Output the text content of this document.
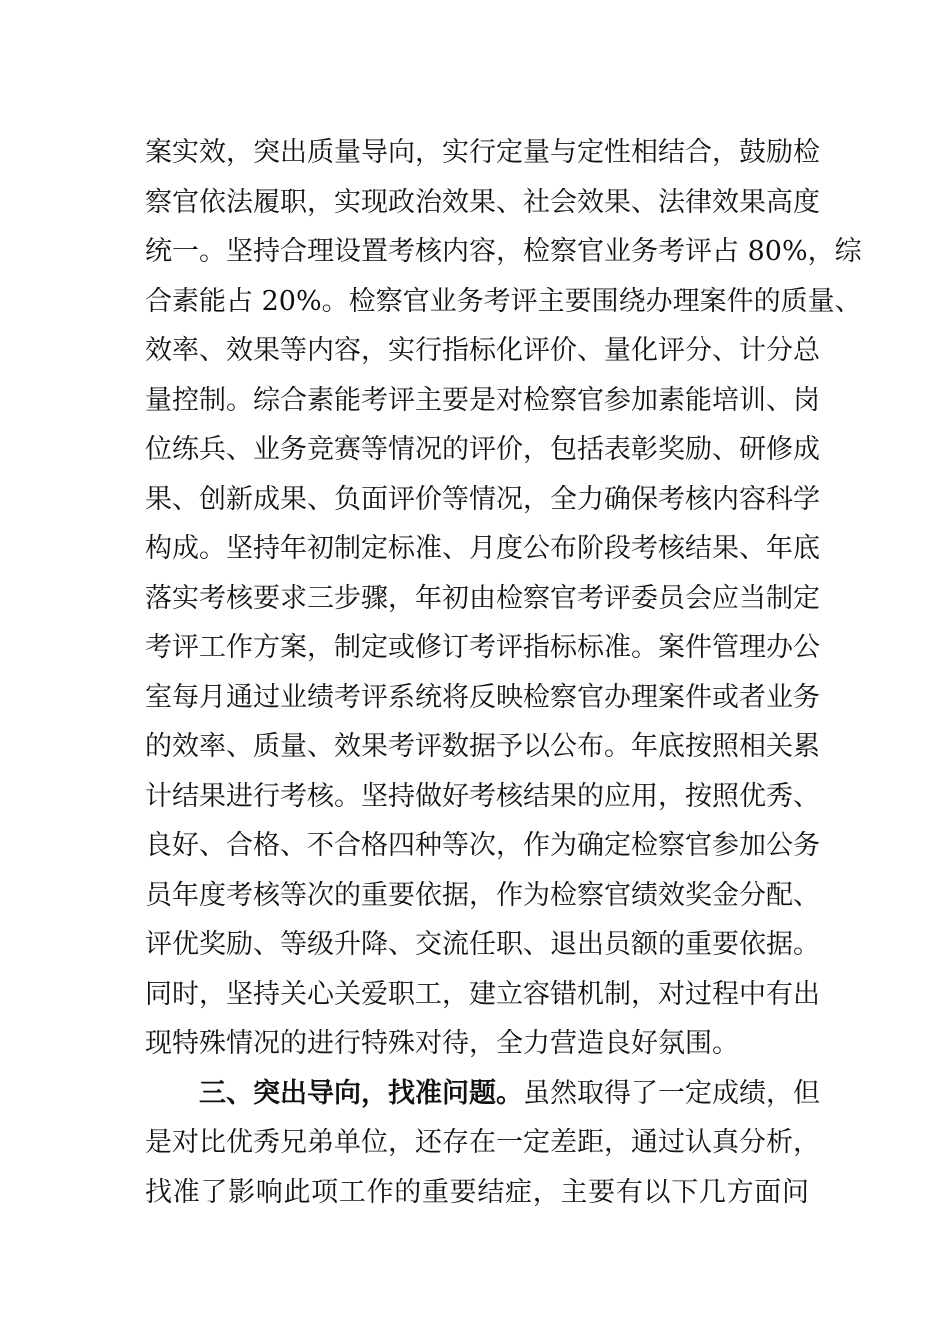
案实效，突出质量导向，实行定量与定性相结合，鼓励检
察官依法履职，实现政治效果、社会效果、法律效果高度
统一。坚持合理设置考核内容，检察官业务考评占 80%，综
合素能占 20%。检察官业务考评主要围绕办理案件的质量、
效率、效果等内容，实行指标化评价、量化评分、计分总
量控制。综合素能考评主要是对检察官参加素能培训、岗
位练兵、业务竞赛等情况的评价，包括表彰奖励、研修成
果、创新成果、负面评价等情况，全力确保考核内容科学
构成。坚持年初制定标准、月度公布阶段考核结果、年底
落实考核要求三步骤，年初由检察官考评委员会应当制定
考评工作方案，制定或修订考评指标标准。案件管理办公
室每月通过业绩考评系统将反映检察官办理案件或者业务
的效率、质量、效果考评数据予以公布。年底按照相关累
计结果进行考核。坚持做好考核结果的应用，按照优秀、
良好、合格、不合格四种等次，作为确定检察官参加公务
员年度考核等次的重要依据，作为检察官绩效奖金分配、
评优奖励、等级升降、交流任职、退出员额的重要依据。
同时，坚持关心关爱职工，建立容错机制，对过程中有出
现特殊情况的进行特殊对待，全力营造良好氛围。
三、突出导向，找准问题。虽然取得了一定成绩，但
是对比优秀兄弟单位，还存在一定差距，通过认真分析，
找准了影响此项工作的重要结症，主要有以下几方面问
